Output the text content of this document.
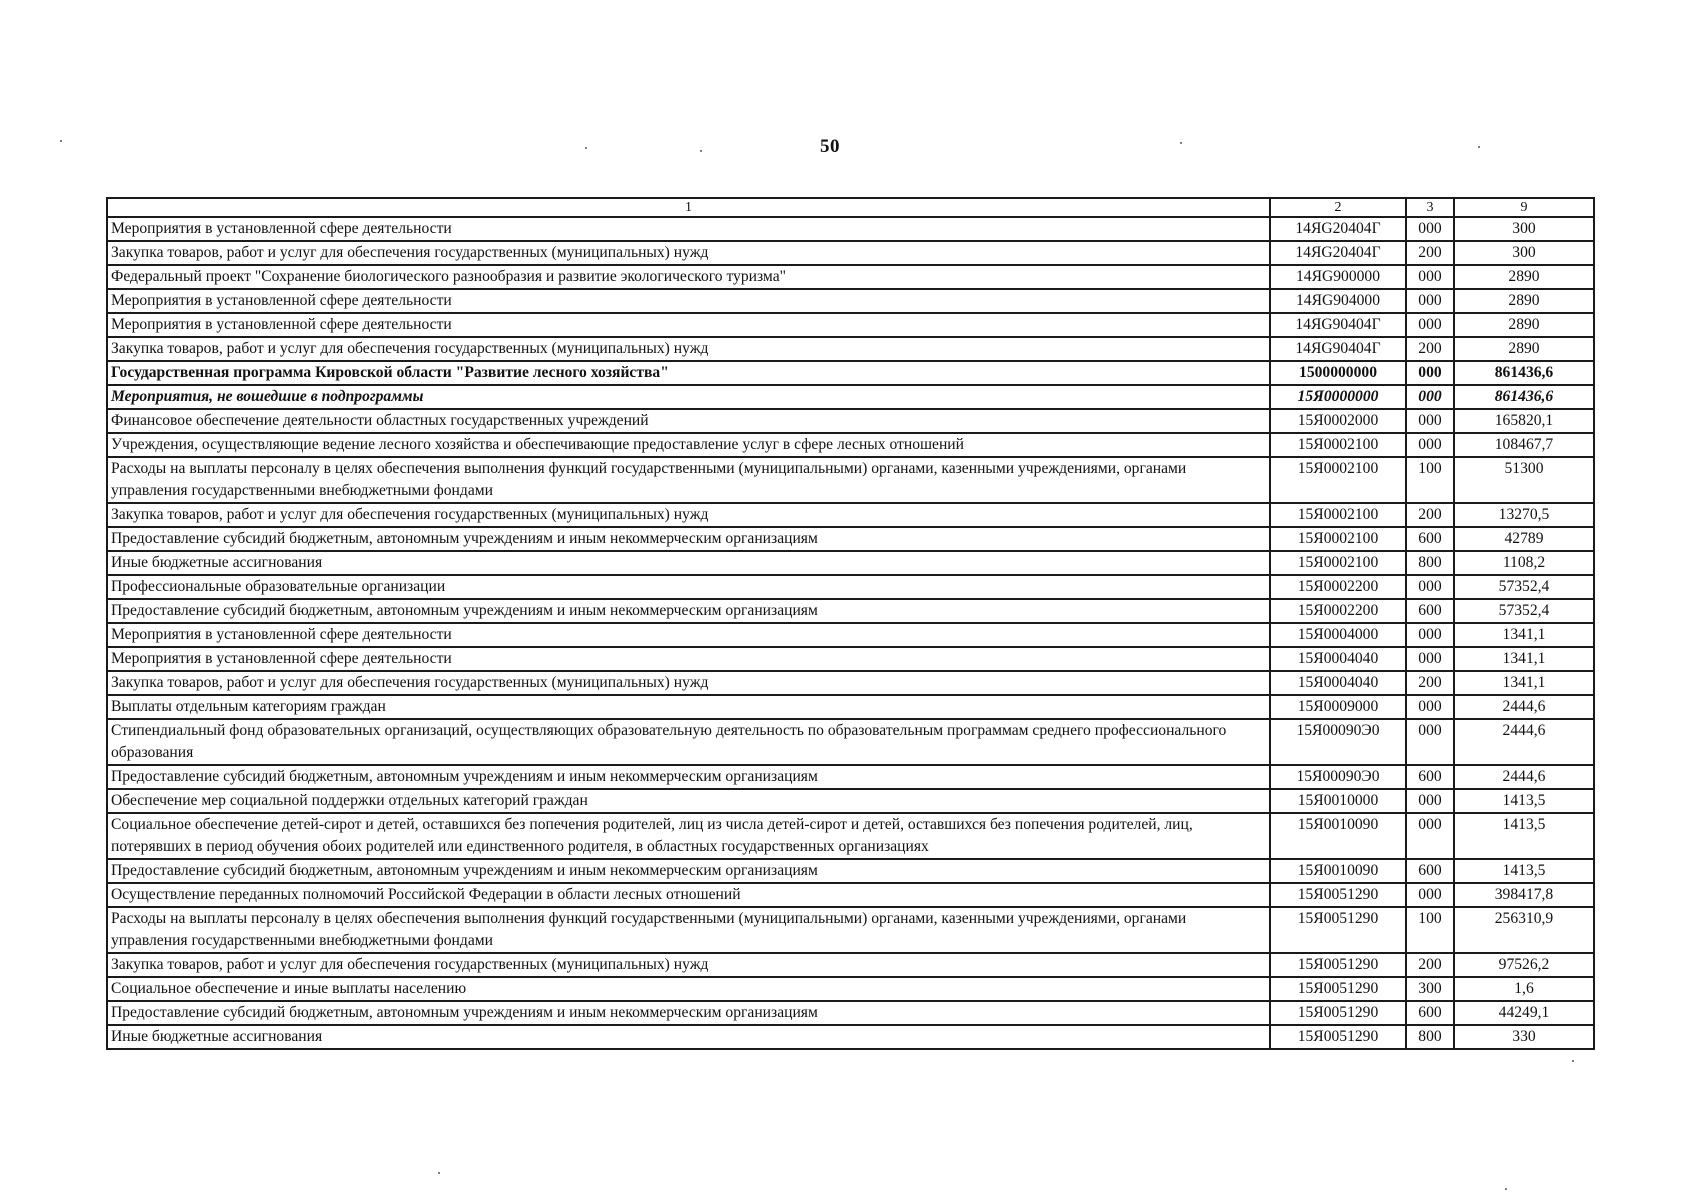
50
1	2	3	9
Мероприятия в установленной сфере деятельности	14ЯG20404Г	000	300
Закупка товаров, работ и услуг для обеспечения государственных (муниципальных) нужд	14ЯG20404Г	200	300
Федеральный проект "Сохранение биологического разнообразия и развитие экологического туризма"	14ЯG900000	000	2890
Мероприятия в установленной сфере деятельности	14ЯG904000	000	2890
Мероприятия в установленной сфере деятельности	14ЯG90404Г	000	2890
Закупка товаров, работ и услуг для обеспечения государственных (муниципальных) нужд	14ЯG90404Г	200	2890
Государственная программа Кировской области "Развитие лесного хозяйства"	1500000000	000	861436,6
Мероприятия, не вошедшие в подпрограммы	15Я0000000	000	861436,6
Финансовое обеспечение деятельности областных государственных учреждений	15Я0002000	000	165820,1
Учреждения, осуществляющие ведение лесного хозяйства и обеспечивающие предоставление услуг в сфере лесных отношений	15Я0002100	000	108467,7
Расходы на выплаты персоналу в целях обеспечения выполнения функций государственными (муниципальными) органами, казенными учреждениями, органами управления государственными внебюджетными фондами	15Я0002100	100	51300
Закупка товаров, работ и услуг для обеспечения государственных (муниципальных) нужд	15Я0002100	200	13270,5
Предоставление субсидий бюджетным, автономным учреждениям и иным некоммерческим организациям	15Я0002100	600	42789
Иные бюджетные ассигнования	15Я0002100	800	1108,2
Профессиональные образовательные организации	15Я0002200	000	57352,4
Предоставление субсидий бюджетным, автономным учреждениям и иным некоммерческим организациям	15Я0002200	600	57352,4
Мероприятия в установленной сфере деятельности	15Я0004000	000	1341,1
Мероприятия в установленной сфере деятельности	15Я0004040	000	1341,1
Закупка товаров, работ и услуг для обеспечения государственных (муниципальных) нужд	15Я0004040	200	1341,1
Выплаты отдельным категориям граждан	15Я0009000	000	2444,6
Стипендиальный фонд образовательных организаций, осуществляющих образовательную деятельность по образовательным программам среднего профессионального образования	15Я00090Э0	000	2444,6
Предоставление субсидий бюджетным, автономным учреждениям и иным некоммерческим организациям	15Я00090Э0	600	2444,6
Обеспечение мер социальной поддержки отдельных категорий граждан	15Я0010000	000	1413,5
Социальное обеспечение детей-сирот и детей, оставшихся без попечения родителей, лиц из числа детей-сирот и детей, оставшихся без попечения родителей, лиц, потерявших в период обучения обоих родителей или единственного родителя, в областных государственных организациях	15Я0010090	000	1413,5
Предоставление субсидий бюджетным, автономным учреждениям и иным некоммерческим организациям	15Я0010090	600	1413,5
Осуществление переданных полномочий Российской Федерации в области лесных отношений	15Я0051290	000	398417,8
Расходы на выплаты персоналу в целях обеспечения выполнения функций государственными (муниципальными) органами, казенными учреждениями, органами управления государственными внебюджетными фондами	15Я0051290	100	256310,9
Закупка товаров, работ и услуг для обеспечения государственных (муниципальных) нужд	15Я0051290	200	97526,2
Социальное обеспечение и иные выплаты населению	15Я0051290	300	1,6
Предоставление субсидий бюджетным, автономным учреждениям и иным некоммерческим организациям	15Я0051290	600	44249,1
Иные бюджетные ассигнования	15Я0051290	800	330
